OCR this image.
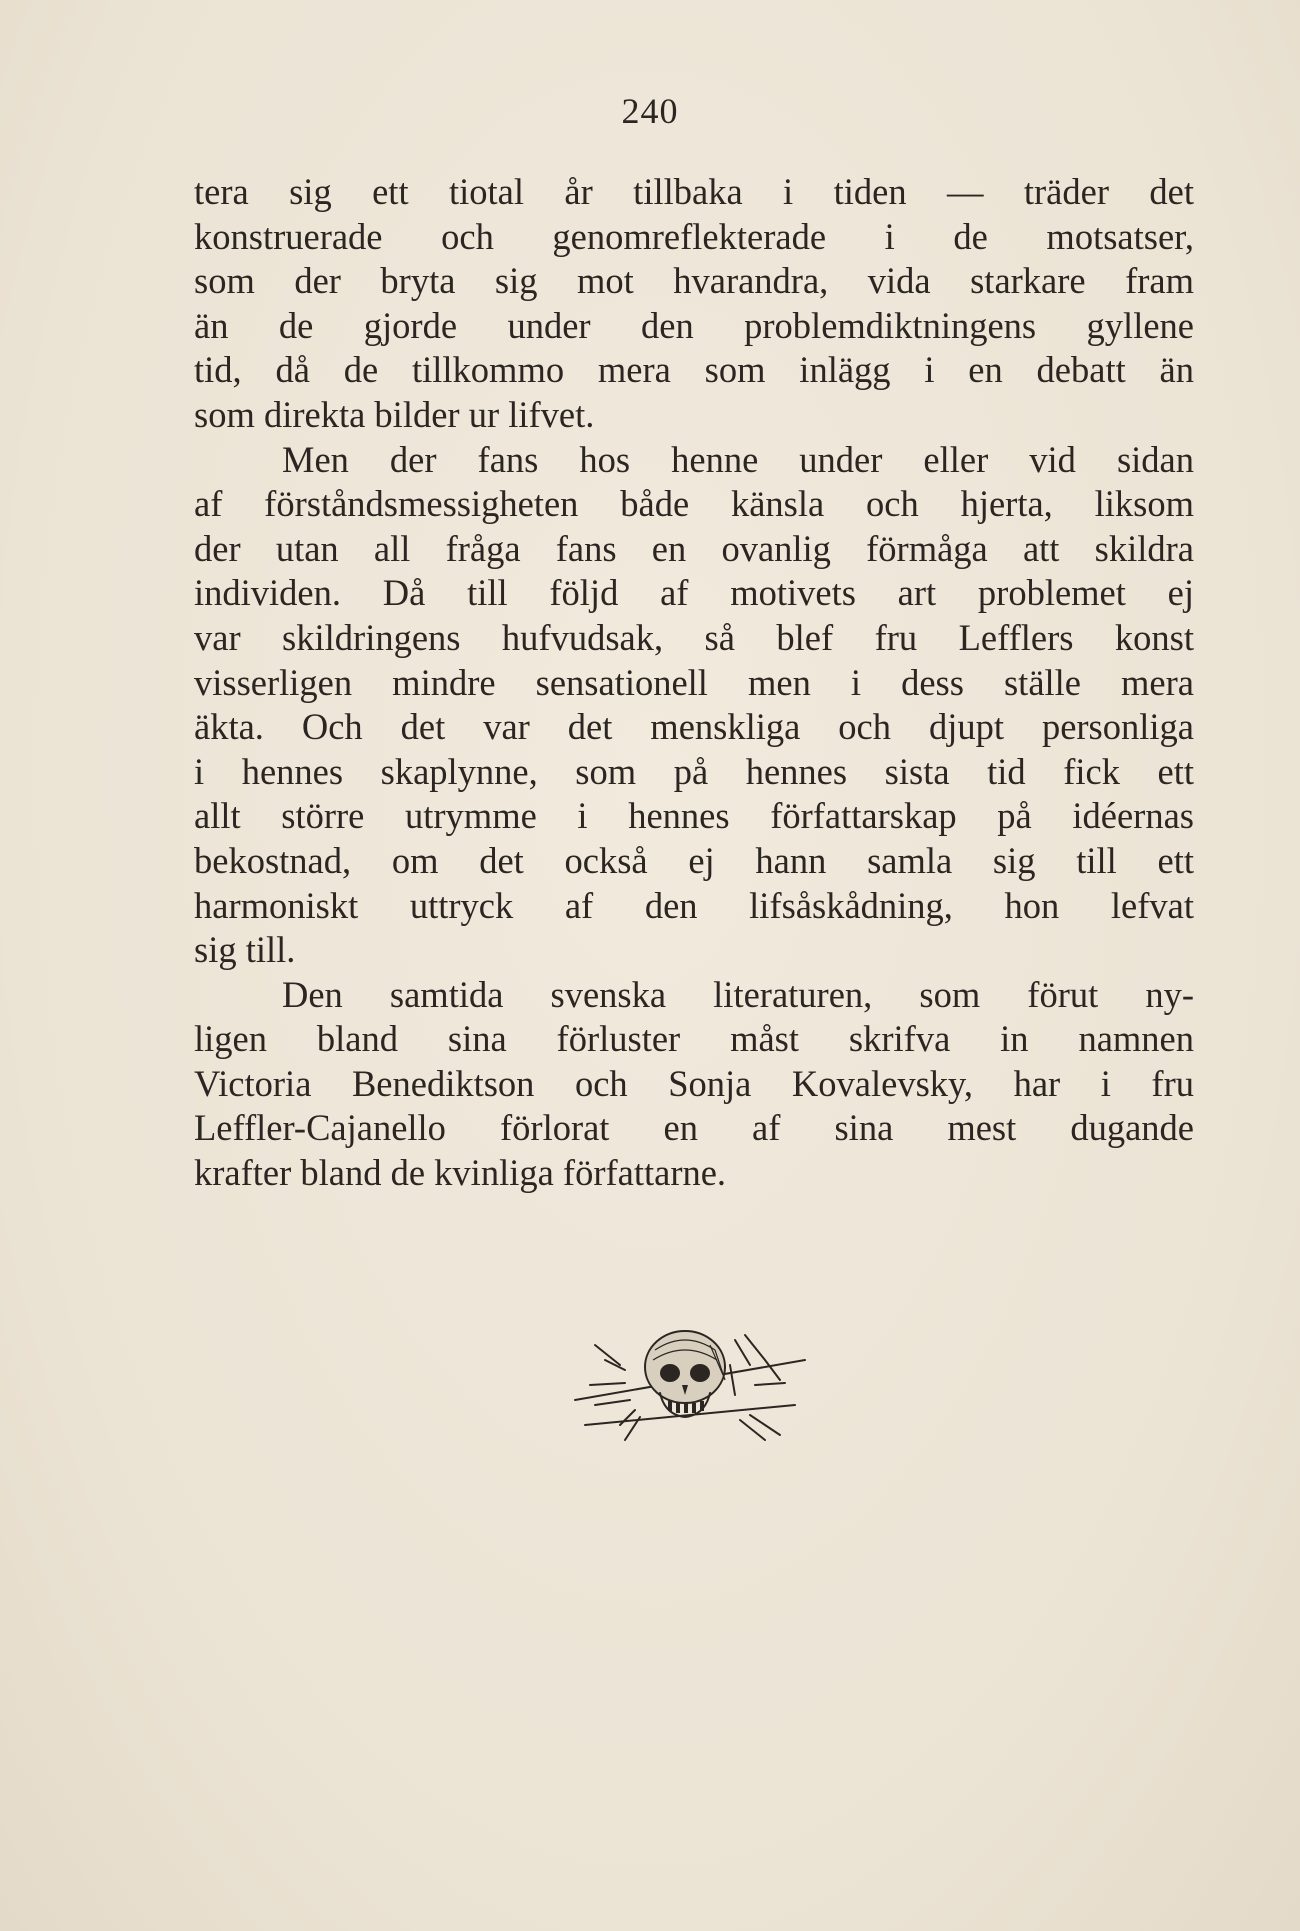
240
tera sig ett tiotal år tillbaka i tiden — träder det
konstruerade och genomreflekterade i de motsatser,
som der bryta sig mot hvarandra, vida starkare fram
än de gjorde under den problemdiktningens gyllene
tid, då de tillkommo mera som inlägg i en debatt än
som direkta bilder ur lifvet.
Men der fans hos henne under eller vid sidan
af förståndsmessigheten både känsla och hjerta, liksom
der utan all fråga fans en ovanlig förmåga att skildra
individen. Då till följd af motivets art problemet ej
var skildringens hufvudsak, så blef fru Lefflers konst
visserligen mindre sensationell men i dess ställe mera
äkta. Och det var det menskliga och djupt personliga
i hennes skaplynne, som på hennes sista tid fick ett
allt större utrymme i hennes författarskap på idéernas
bekostnad, om det också ej hann samla sig till ett
harmoniskt uttryck af den lifsåskådning, hon lefvat
sig till.
Den samtida svenska literaturen, som förut ny-
ligen bland sina förluster måst skrifva in namnen
Victoria Benediktson och Sonja Kovalevsky, har i fru
Leffler-Cajanello förlorat en af sina mest dugande
krafter bland de kvinliga författarne.
